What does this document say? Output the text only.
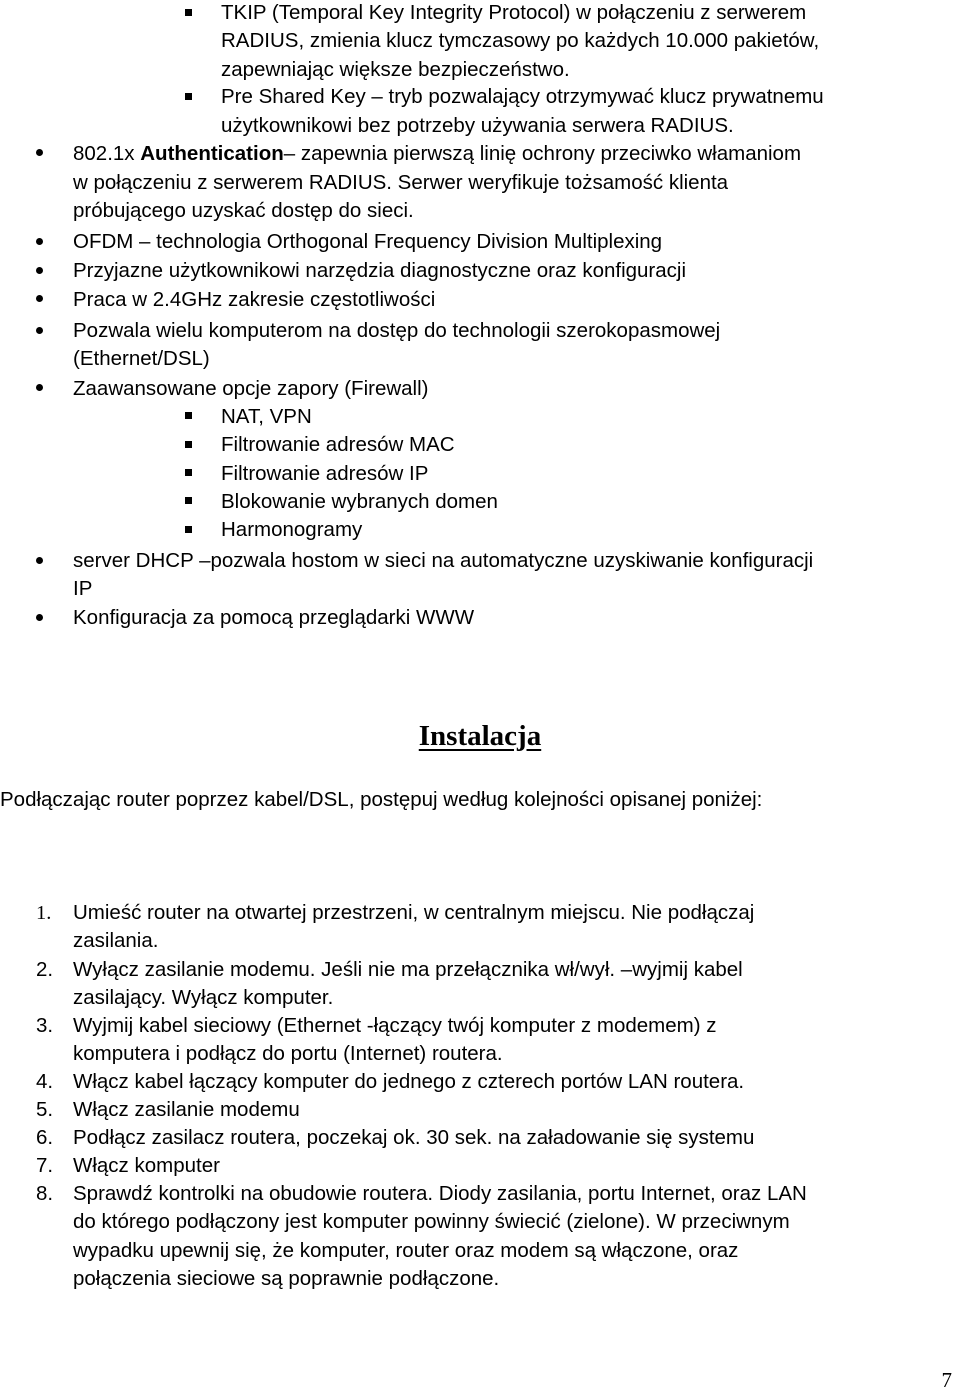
TKIP (Temporal Key Integrity Protocol) w połączeniu z serwerem
RADIUS, zmienia klucz tymczasowy po każdych 10.000 pakietów,
zapewniając większe bezpieczeństwo.
Pre Shared Key – tryb pozwalający otrzymywać klucz prywatnemu
użytkownikowi bez potrzeby używania serwera RADIUS.
802.1x Authentication– zapewnia pierwszą linię ochrony przeciwko włamaniom
w połączeniu z serwerem RADIUS. Serwer weryfikuje tożsamość klienta
próbującego uzyskać dostęp do sieci.
OFDM – technologia Orthogonal Frequency Division Multiplexing
Przyjazne użytkownikowi narzędzia diagnostyczne oraz konfiguracji
Praca w 2.4GHz zakresie częstotliwości
Pozwala wielu komputerom na dostęp do technologii szerokopasmowej
(Ethernet/DSL)
Zaawansowane opcje zapory (Firewall)
NAT, VPN
Filtrowanie adresów MAC
Filtrowanie adresów IP
Blokowanie wybranych domen
Harmonogramy
server DHCP –pozwala hostom w sieci na automatyczne uzyskiwanie konfiguracji
IP
Konfiguracja za pomocą przeglądarki WWW
Instalacja
Podłączając router poprzez kabel/DSL, postępuj według kolejności opisanej poniżej:
1. Umieść router na otwartej przestrzeni, w centralnym miejscu. Nie podłączaj
zasilania.
2. Wyłącz zasilanie modemu. Jeśli nie ma przełącznika wł/wył. –wyjmij kabel
zasilający. Wyłącz komputer.
3. Wyjmij kabel sieciowy (Ethernet -łączący twój komputer z modemem) z
komputera i podłącz do portu (Internet) routera.
4. Włącz kabel łączący komputer do jednego z czterech portów LAN routera.
5. Włącz zasilanie modemu
6. Podłącz zasilacz routera, poczekaj ok. 30 sek. na załadowanie się systemu
7. Włącz komputer
8. Sprawdź kontrolki na obudowie routera. Diody zasilania, portu Internet, oraz LAN
do którego podłączony jest komputer powinny świecić (zielone). W przeciwnym
wypadku upewnij się, że komputer, router oraz modem są włączone, oraz
połączenia sieciowe są poprawnie podłączone.
7
